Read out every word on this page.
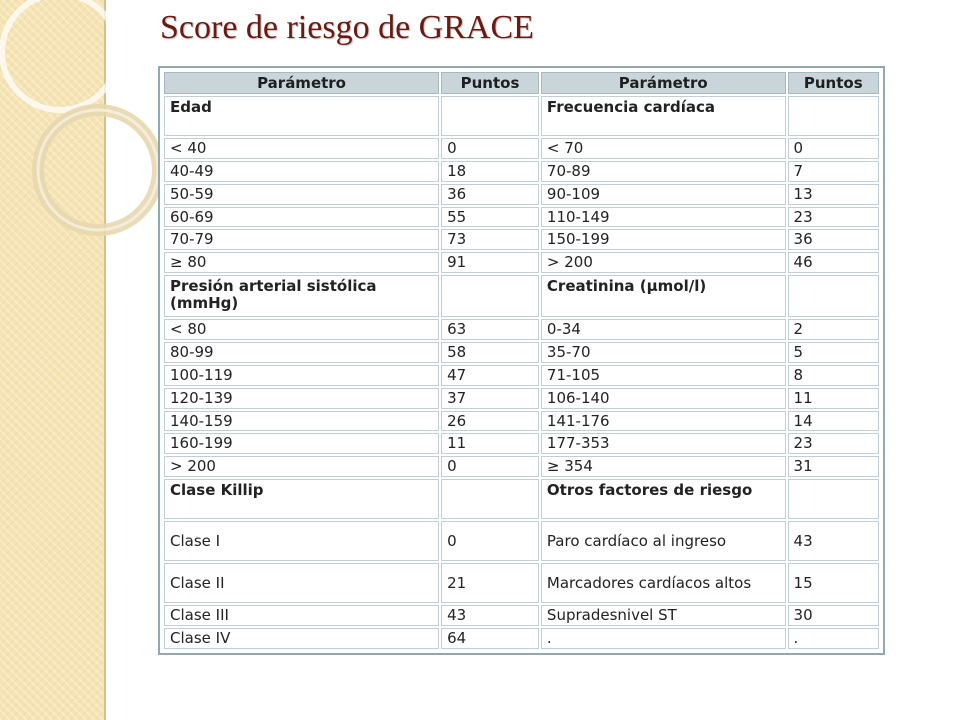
Score de riesgo de GRACE
Parámetro	Puntos	Parámetro	Puntos
Edad		Frecuencia cardíaca	
< 40	0	< 70	0
40-49	18	70-89	7
50-59	36	90-109	13
60-69	55	110-149	23
70-79	73	150-199	36
≥ 80	91	> 200	46
Presión arterial sistólica (mmHg)		Creatinina (µmol/l)	
< 80	63	0-34	2
80-99	58	35-70	5
100-119	47	71-105	8
120-139	37	106-140	11
140-159	26	141-176	14
160-199	11	177-353	23
> 200	0	≥ 354	31
Clase Killip		Otros factores de riesgo	
Clase I	0	Paro cardíaco al ingreso	43
Clase II	21	Marcadores cardíacos altos	15
Clase III	43	Supradesnivel ST	30
Clase IV	64	.	.
